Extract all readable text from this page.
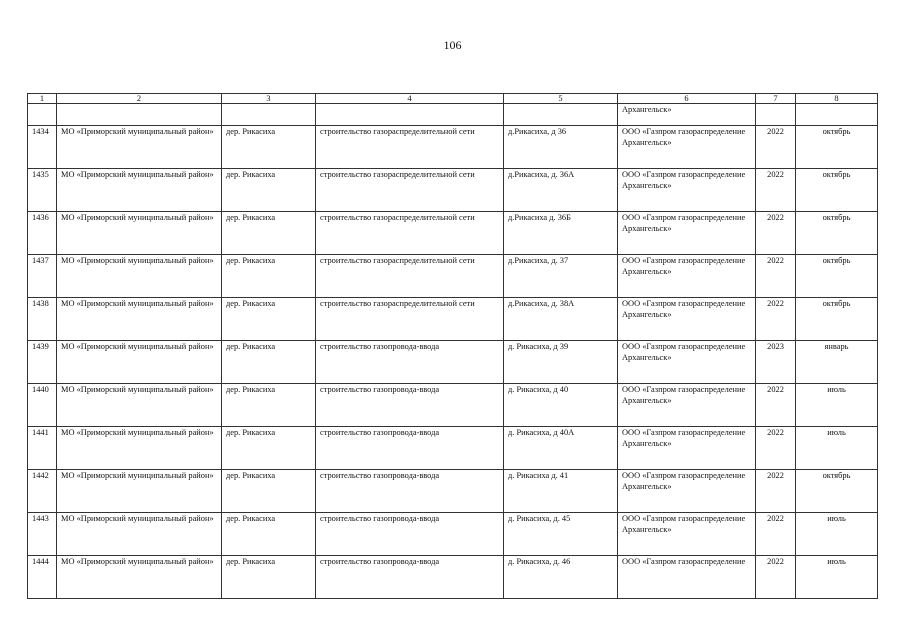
106
1	2	3	4	5	6	7	8
					Архангельск»		
1434	МО «Приморский муниципальный район»	дер. Рикасиха	строительство газораспределительной сети	д.Рикасиха, д 36	ООО «Газпром газораспределение Архангельск»	2022	октябрь
1435	МО «Приморский муниципальный район»	дер. Рикасиха	строительство газораспределительной сети	д.Рикасиха, д. 36А	ООО «Газпром газораспределение Архангельск»	2022	октябрь
1436	МО «Приморский муниципальный район»	дер. Рикасиха	строительство газораспределительной сети	д.Рикасиха д. 36Б	ООО «Газпром газораспределение Архангельск»	2022	октябрь
1437	МО «Приморский муниципальный район»	дер. Рикасиха	строительство газораспределительной сети	д.Рикасиха, д. 37	ООО «Газпром газораспределение Архангельск»	2022	октябрь
1438	МО «Приморский муниципальный район»	дер. Рикасиха	строительство газораспределительной сети	д.Рикасиха, д. 38А	ООО «Газпром газораспределение Архангельск»	2022	октябрь
1439	МО «Приморский муниципальный район»	дер. Рикасиха	строительство газопровода-ввода	д. Рикасиха, д 39	ООО «Газпром газораспределение Архангельск»	2023	январь
1440	МО «Приморский муниципальный район»	дер. Рикасиха	строительство газопровода-ввода	д. Рикасиха, д 40	ООО «Газпром газораспределение Архангельск»	2022	июль
1441	МО «Приморский муниципальный район»	дер. Рикасиха	строительство газопровода-ввода	д. Рикасиха, д 40А	ООО «Газпром газораспределение Архангельск»	2022	июль
1442	МО «Приморский муниципальный район»	дер. Рикасиха	строительство газопровода-ввода	д. Рикасиха д. 41	ООО «Газпром газораспределение Архангельск»	2022	октябрь
1443	МО «Приморский муниципальный район»	дер. Рикасиха	строительство газопровода-ввода	д. Рикасиха, д. 45	ООО «Газпром газораспределение Архангельск»	2022	июль
1444	МО «Приморский муниципальный район»	дер. Рикасиха	строительство газопровода-ввода	д. Рикасиха, д. 46	ООО «Газпром газораспределение	2022	июль
